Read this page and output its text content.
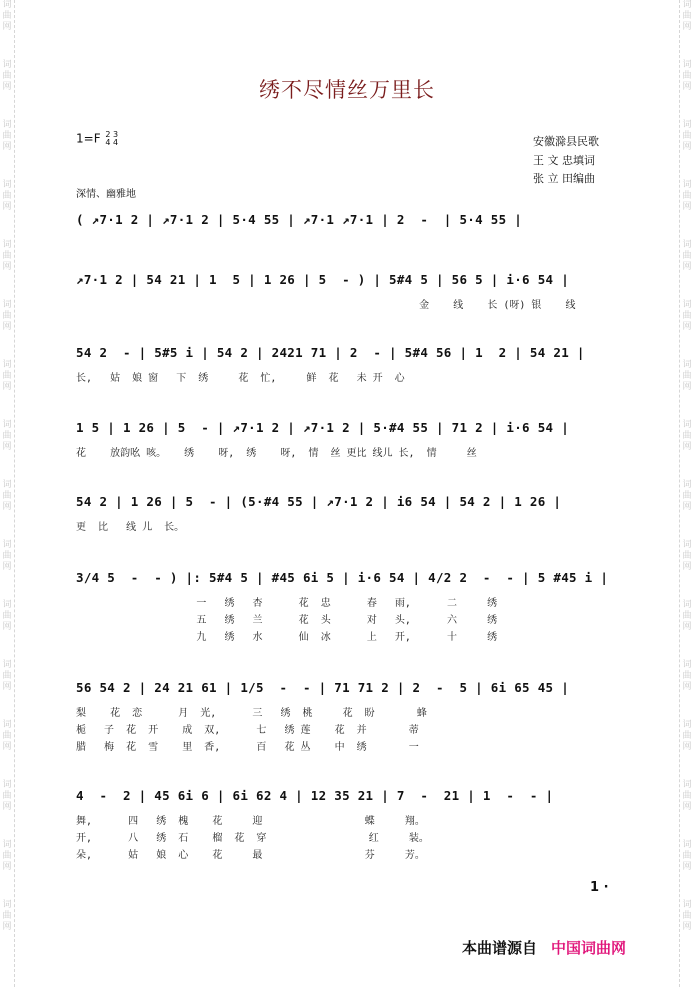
词
曲
网
词
曲
网
词
曲
网
词
曲
网
词
曲
网
词
曲
网
词
曲
网
词
曲
网
词
曲
网
词
曲
网
词
曲
网
词
曲
网
词
曲
网
词
曲
网
词
曲
网
词
曲
网
词
曲
网
词
曲
网
词
曲
网
词
曲
网
词
曲
网
词
曲
网
词
曲
网
词
曲
网
词
曲
网
词
曲
网
词
曲
网
词
曲
网
词
曲
网
词
曲
网
词
曲
网
词
曲
网
绣不尽情丝万里长
1=F 2 3
4 4	安徽滁县民歌
王 文 忠填词
张 立 田编曲
深情、幽雅地
( ↗7·1 2 | ↗7·1 2 | 5·4 55 | ↗7·1 ↗7·1 | 2  -  | 5·4 55 |
↗7·1 2 | 54 21 | 1  5 | 1 26 | 5  - ) | 5#4 5 | 56 5 | i·6 54 |
金    线    长 (呀) 银    线
54 2  - | 5#5 i | 54 2 | 2421 71 | 2  - | 5#4 56 | 1  2 | 54 21 |
长,   姑  娘 窗   下  绣     花  忙,     鲜  花   未 开  心
1 5 | 1 26 | 5  - | ↗7·1 2 | ↗7·1 2 | 5·#4 55 | 71 2 | i·6 54 |
花    放韵吆 咳。   绣    呀,  绣    呀,  情  丝 更比 线儿 长,  情     丝
54 2 | 1 26 | 5  - | (5·#4 55 | ↗7·1 2 | i6 54 | 54 2 | 1 26 |
更  比   线 儿  长。
3/4 5  -  - ) |: 5#4 5 | #45 6i 5 | i·6 54 | 4/2 2  -  - | 5 #45 i |
一   绣   杏      花  忠      春   雨,      二     绣
五   绣   兰      花  头      对   头,      六     绣
九   绣   水      仙  冰      上   开,      十     绣
56 54 2 | 24 21 61 | 1/5  -  - | 71 71 2 | 2  -  5 | 6i 65 45 |
梨    花  恋      月  光,      三   绣  桃     花  盼       蜂
栀   子  花  开    成  双,      七   绣 莲    花  并       蒂
腊   梅  花  雪    里  香,      百   花 丛    中  绣       一
4  -  2 | 45 6i 6 | 6i 62 4 | 12 35 21 | 7  -  21 | 1  -  - |
舞,      四   绣  槐    花     迎                 蝶     翔。
开,      八   绣  石    榴  花  穿                 红     装。
朵,      姑   娘  心    花     最                 芬     芳。
1 ·
本曲谱源自 中国词曲网
